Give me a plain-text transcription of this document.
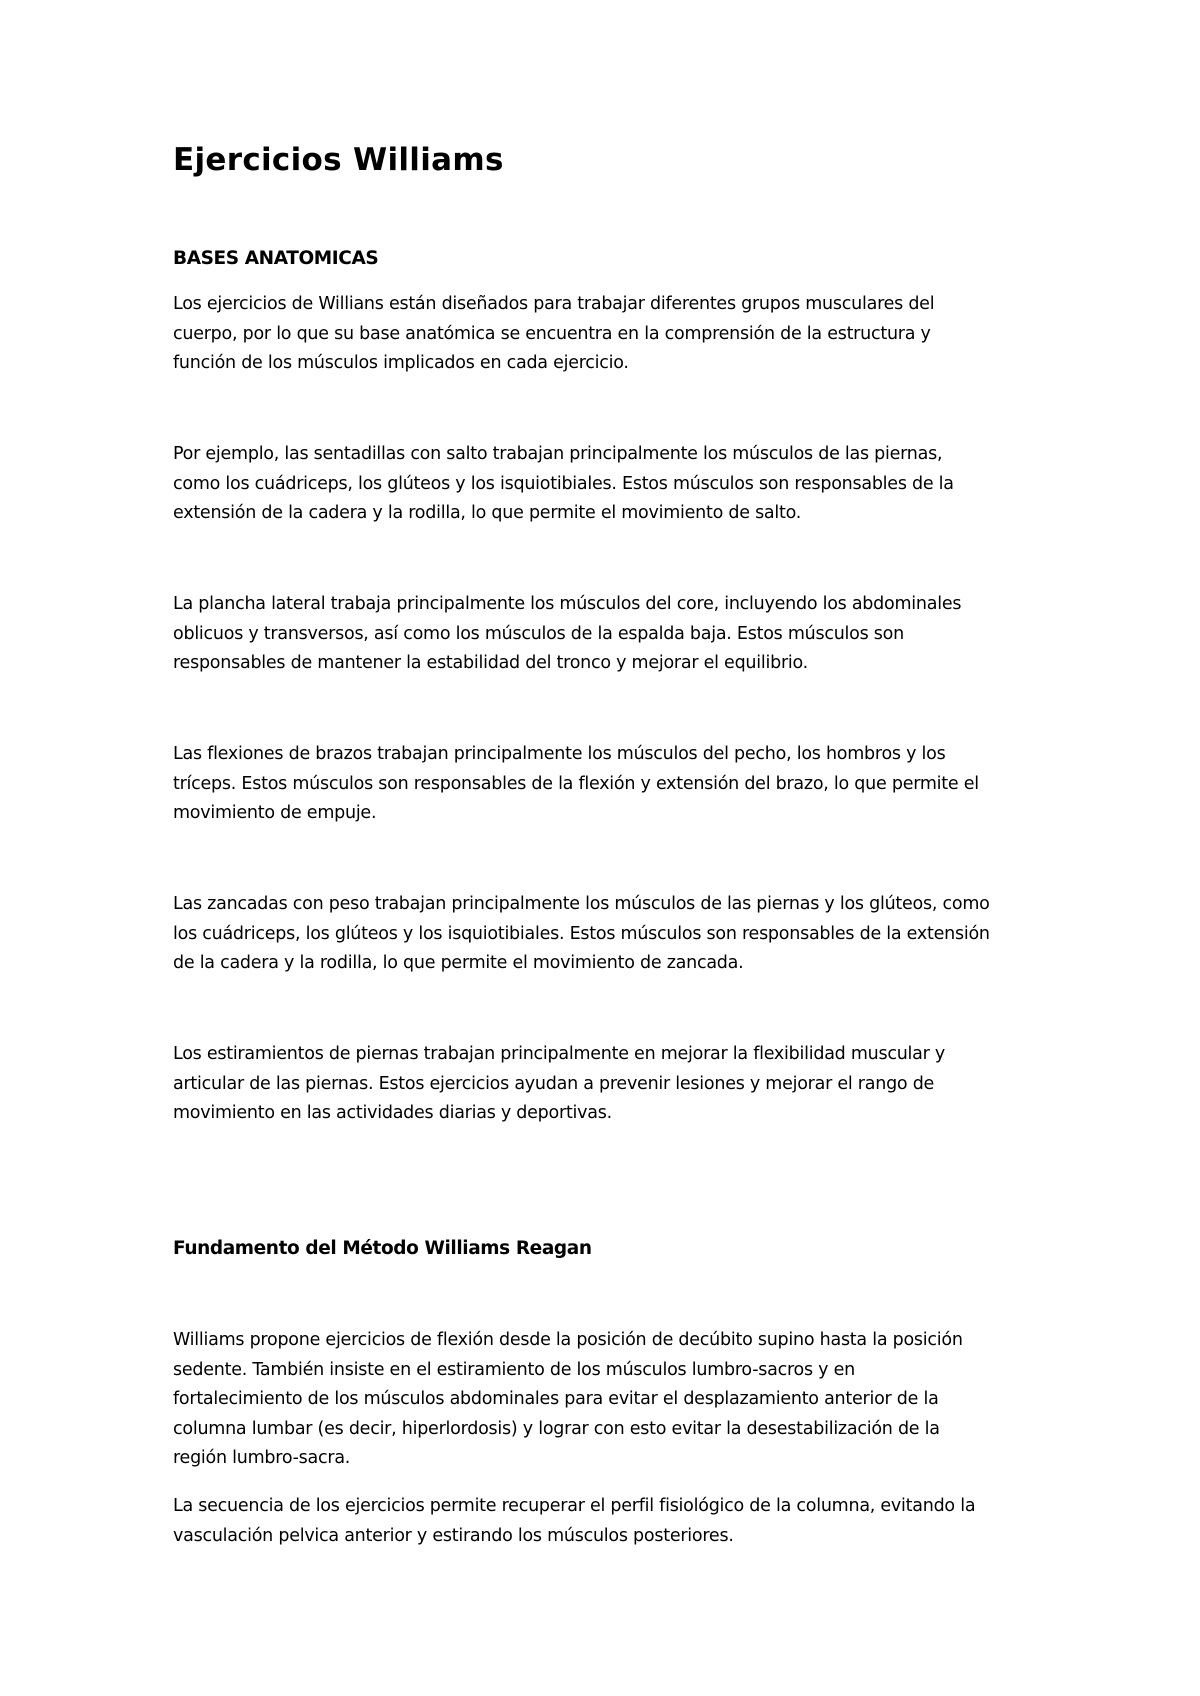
Ejercicios Williams
BASES ANATOMICAS

Los ejercicios de Willians están diseñados para trabajar diferentes grupos musculares del
cuerpo, por lo que su base anatómica se encuentra en la comprensión de la estructura y
función de los músculos implicados en cada ejercicio.

Por ejemplo, las sentadillas con salto trabajan principalmente los músculos de las piernas,
como los cuádriceps, los glúteos y los isquiotibiales. Estos músculos son responsables de la
extensión de la cadera y la rodilla, lo que permite el movimiento de salto.

La plancha lateral trabaja principalmente los músculos del core, incluyendo los abdominales
oblicuos y transversos, así como los músculos de la espalda baja. Estos músculos son
responsables de mantener la estabilidad del tronco y mejorar el equilibrio.

Las flexiones de brazos trabajan principalmente los músculos del pecho, los hombros y los
tríceps. Estos músculos son responsables de la flexión y extensión del brazo, lo que permite el
movimiento de empuje.

Las zancadas con peso trabajan principalmente los músculos de las piernas y los glúteos, como
los cuádriceps, los glúteos y los isquiotibiales. Estos músculos son responsables de la extensión
de la cadera y la rodilla, lo que permite el movimiento de zancada.

Los estiramientos de piernas trabajan principalmente en mejorar la flexibilidad muscular y
articular de las piernas. Estos ejercicios ayudan a prevenir lesiones y mejorar el rango de
movimiento en las actividades diarias y deportivas.

Fundamento del Método Williams Reagan

Williams propone ejercicios de flexión desde la posición de decúbito supino hasta la posición
sedente. También insiste en el estiramiento de los músculos lumbro-sacros y en
fortalecimiento de los músculos abdominales para evitar el desplazamiento anterior de la
columna lumbar (es decir, hiperlordosis) y lograr con esto evitar la desestabilización de la
región lumbro-sacra.

La secuencia de los ejercicios permite recuperar el perfil fisiológico de la columna, evitando la
vasculación pelvica anterior y estirando los músculos posteriores.
